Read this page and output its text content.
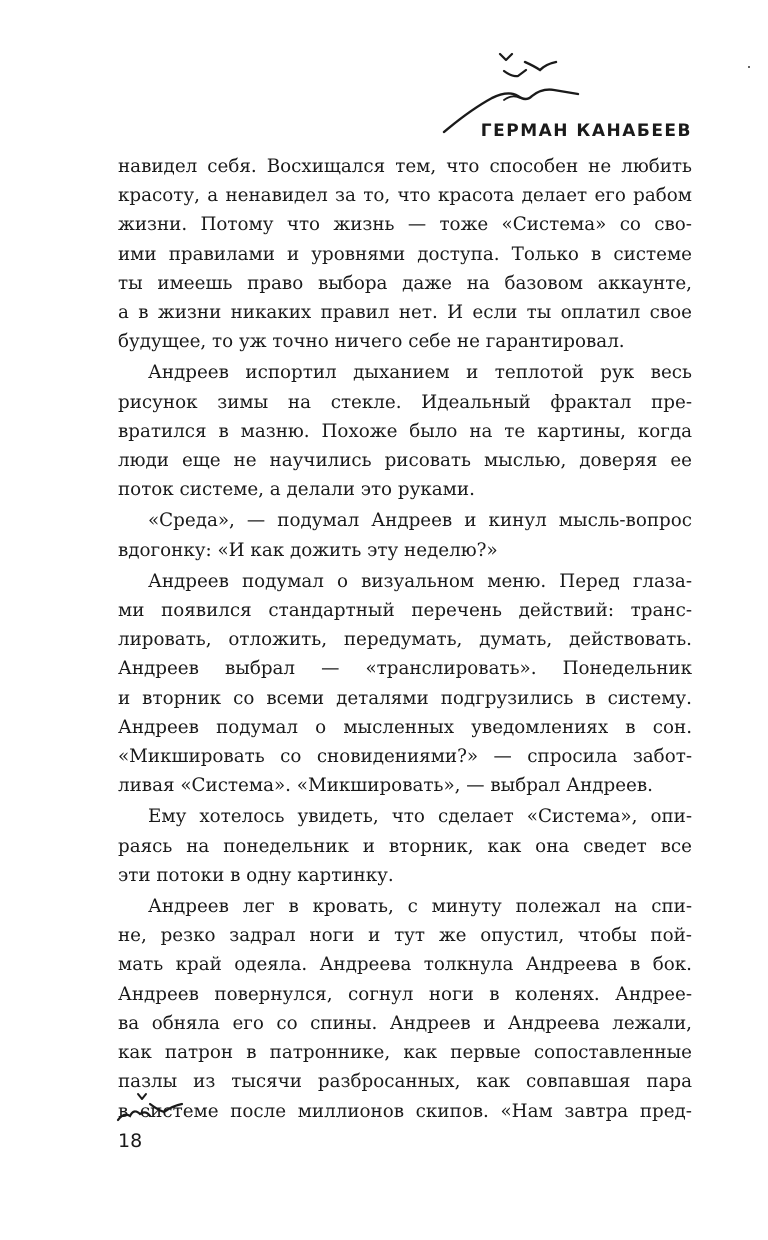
ГЕРМАН КАНАБЕЕВ
навидел себя. Восхищался тем, что способен не любить
красоту, а ненавидел за то, что красота делает его рабом
жизни. Потому что жизнь — тоже «Система» со сво-
ими правилами и уровнями доступа. Только в системе
ты имеешь право выбора даже на базовом аккаунте,
а в жизни никаких правил нет. И если ты оплатил свое
будущее, то уж точно ничего себе не гарантировал.
Андреев испортил дыханием и теплотой рук весь
рисунок зимы на стекле. Идеальный фрактал пре-
вратился в мазню. Похоже было на те картины, когда
люди еще не научились рисовать мыслью, доверяя ее
поток системе, а делали это руками.
«Среда», — подумал Андреев и кинул мысль-вопрос
вдогонку: «И как дожить эту неделю?»
Андреев подумал о визуальном меню. Перед глаза-
ми появился стандартный перечень действий: транс-
лировать, отложить, передумать, думать, действовать.
Андреев выбрал — «транслировать». Понедельник
и вторник со всеми деталями подгрузились в систему.
Андреев подумал о мысленных уведомлениях в сон.
«Микшировать со сновидениями?» — спросила забот-
ливая «Система». «Микшировать», — выбрал Андреев.
Ему хотелось увидеть, что сделает «Система», опи-
раясь на понедельник и вторник, как она сведет все
эти потоки в одну картинку.
Андреев лег в кровать, с минуту полежал на спи-
не, резко задрал ноги и тут же опустил, чтобы пой-
мать край одеяла. Андреева толкнула Андреева в бок.
Андреев повернулся, согнул ноги в коленях. Андрее-
ва обняла его со спины. Андреев и Андреева лежали,
как патрон в патроннике, как первые сопоставленные
пазлы из тысячи разбросанных, как совпавшая пара
в системе после миллионов скипов. «Нам завтра пред-
18
